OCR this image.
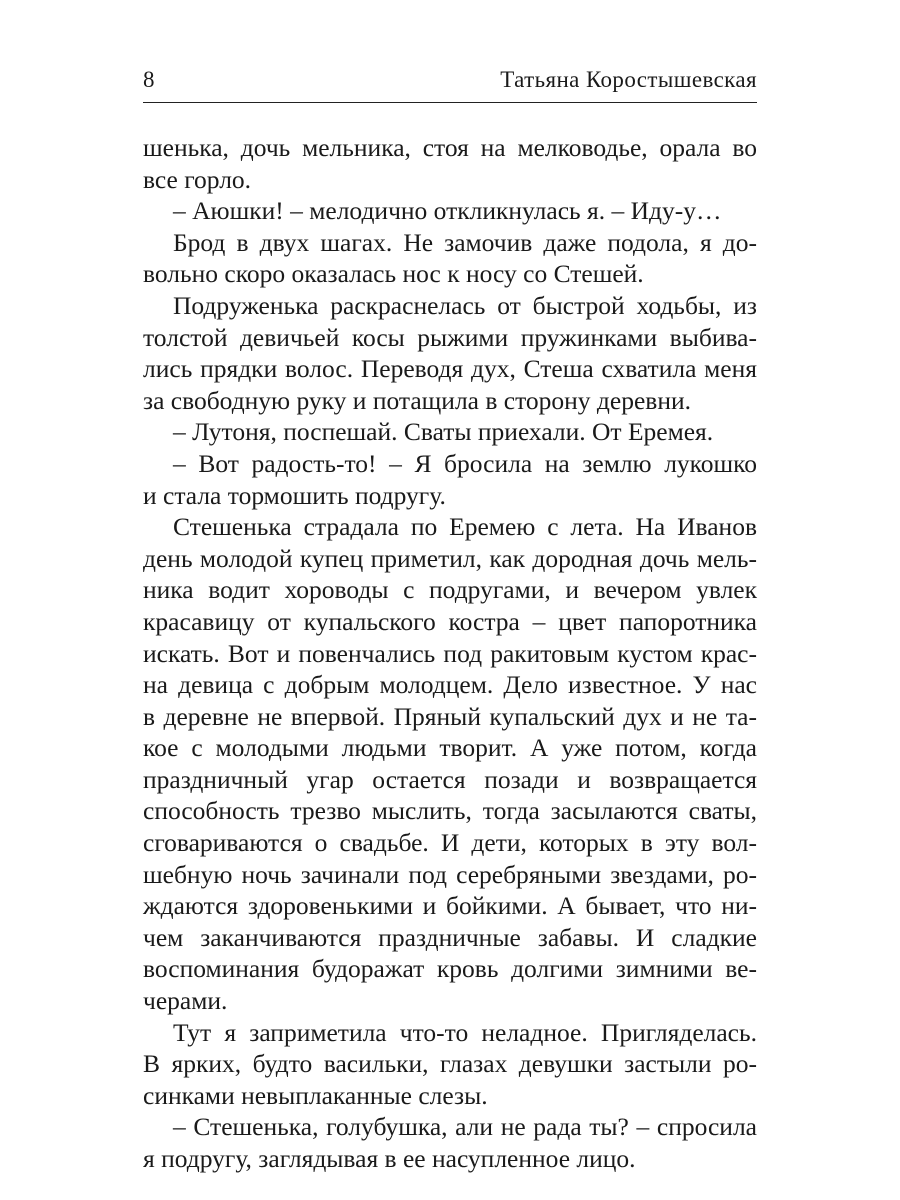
8	Татьяна Коростышевская
шенька, дочь мельника, стоя на мелководье, орала во
все горло.
– Аюшки! – мелодично откликнулась я. – Иду-у…
Брод в двух шагах. Не замочив даже подола, я до-
вольно скоро оказалась нос к носу со Стешей.
Подруженька раскраснелась от быстрой ходьбы, из
толстой девичьей косы рыжими пружинками выбива-
лись прядки волос. Переводя дух, Стеша схватила меня
за свободную руку и потащила в сторону деревни.
– Лутоня, поспешай. Сваты приехали. От Еремея.
– Вот радость-то! – Я бросила на землю лукошко
и стала тормошить подругу.
Стешенька страдала по Еремею с лета. На Иванов
день молодой купец приметил, как дородная дочь мель-
ника водит хороводы с подругами, и вечером увлек
красавицу от купальского костра – цвет папоротника
искать. Вот и повенчались под ракитовым кустом крас-
на девица с добрым молодцем. Дело известное. У нас
в деревне не впервой. Пряный купальский дух и не та-
кое с молодыми людьми творит. А уже потом, когда
праздничный угар остается позади и возвращается
способность трезво мыслить, тогда засылаются сваты,
сговариваются о свадьбе. И дети, которых в эту вол-
шебную ночь зачинали под серебряными звездами, ро-
ждаются здоровенькими и бойкими. А бывает, что ни-
чем заканчиваются праздничные забавы. И сладкие
воспоминания будоражат кровь долгими зимними ве-
черами.
Тут я заприметила что-то неладное. Пригляделась.
В ярких, будто васильки, глазах девушки застыли ро-
синками невыплаканные слезы.
– Стешенька, голубушка, али не рада ты? – спросила
я подругу, заглядывая в ее насупленное лицо.
